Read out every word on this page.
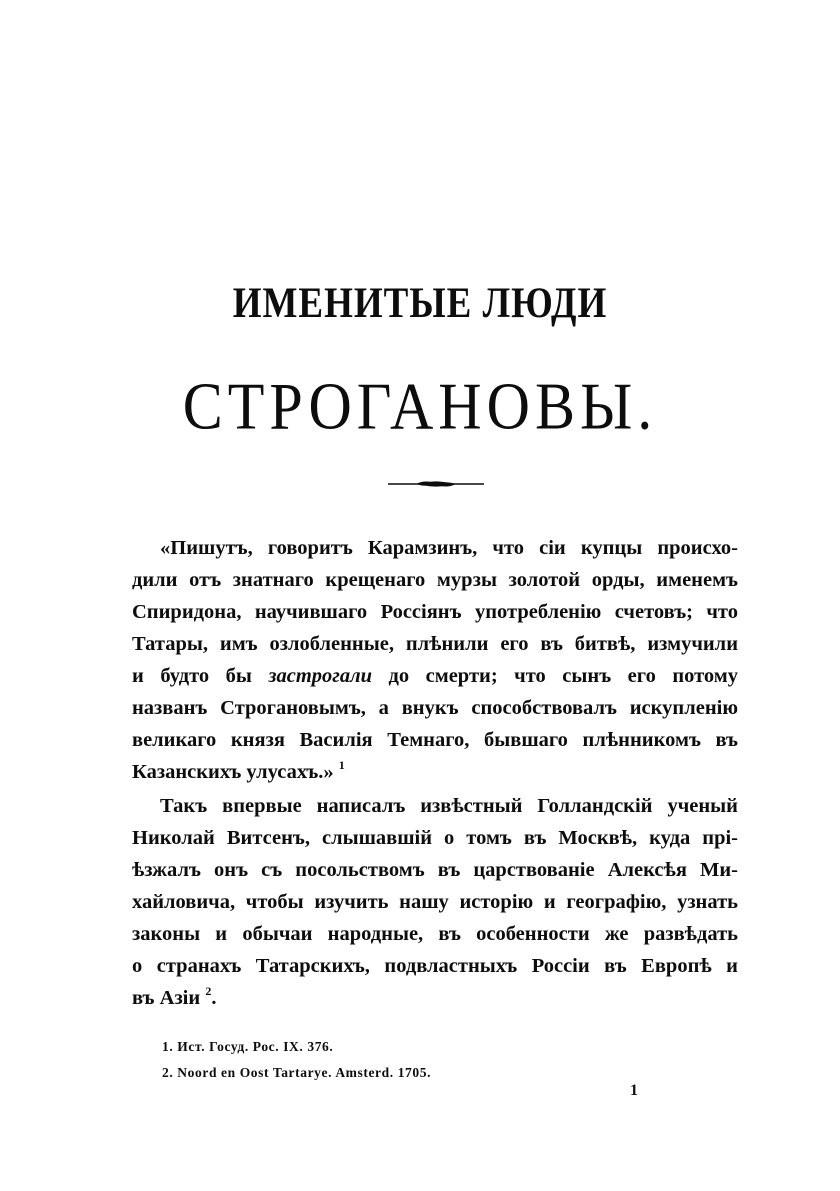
ИМЕНИТЫЕ ЛЮДИ
СТРОГАНОВЫ.
«Пишутъ, говоритъ Карамзинъ, что сіи купцы происхо-
дили отъ знатнаго крещенаго мурзы золотой орды, именемъ
Спиридона, научившаго Россіянъ употребленію счетовъ; что
Татары, имъ озлобленные, плѣнили его въ битвѣ, измучили
и будто бы застрогали до смерти; что сынъ его потому
названъ Строгановымъ, а внукъ способствовалъ искупленію
великаго князя Василія Темнаго, бывшаго плѣнникомъ въ
Казанскихъ улусахъ.» $^1$
Такъ впервые написалъ извѣстный Голландскій ученый
Николай Витсенъ, слышавшій о томъ въ Москвѣ, куда прі-
ѣзжалъ онъ съ посольствомъ въ царствованіе Алексѣя Ми-
хайловича, чтобы изучить нашу исторію и географію, узнать
законы и обычаи народные, въ особенности же развѣдать
о странахъ Татарскихъ, подвластныхъ Россіи въ Европѣ и
въ Азіи $^2$.
1. Ист. Госуд. Рос. IX. 376.
2. Noord en Oost Tartarye. Amsterd. 1705.
1
